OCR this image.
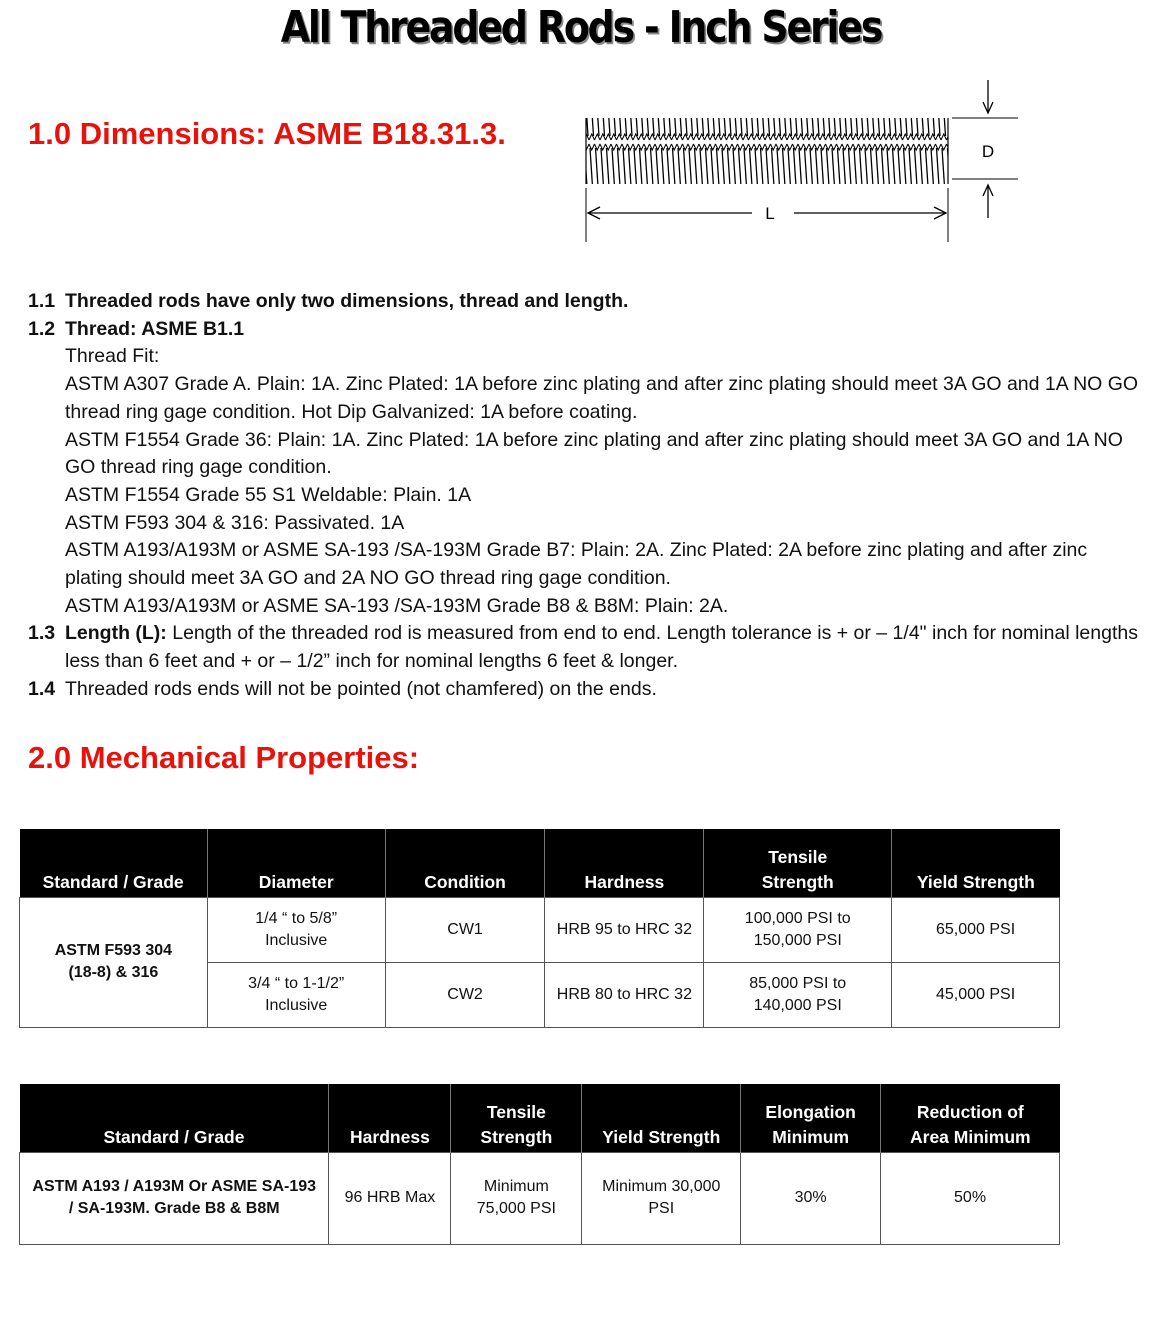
All Threaded Rods - Inch Series
1.0 Dimensions: ASME B18.31.3.
D
L
1.1 Threaded rods have only two dimensions, thread and length.
1.2 Thread: ASME B1.1
Thread Fit:
ASTM A307 Grade A. Plain: 1A. Zinc Plated: 1A before zinc plating and after zinc plating should meet 3A GO and 1A NO GO thread ring gage condition. Hot Dip Galvanized: 1A before coating.
ASTM F1554 Grade 36: Plain: 1A. Zinc Plated: 1A before zinc plating and after zinc plating should meet 3A GO and 1A NO GO thread ring gage condition.
ASTM F1554 Grade 55 S1 Weldable: Plain. 1A
ASTM F593 304 & 316: Passivated. 1A
ASTM A193/A193M or ASME SA-193 /SA-193M Grade B7: Plain: 2A. Zinc Plated: 2A before zinc plating and after zinc plating should meet 3A GO and 2A NO GO thread ring gage condition.
ASTM A193/A193M or ASME SA-193 /SA-193M Grade B8 & B8M: Plain: 2A.
1.3 Length (L): Length of the threaded rod is measured from end to end. Length tolerance is + or – 1/4" inch for nominal lengths less than 6 feet and + or – 1/2” inch for nominal lengths 6 feet & longer.
1.4 Threaded rods ends will not be pointed (not chamfered) on the ends.
2.0 Mechanical Properties:
Standard / Grade	Diameter	Condition	Hardness	Tensile Strength	Yield Strength
ASTM F593 304 (18-8) & 316	1/4 “ to 5/8” Inclusive	CW1	HRB 95 to HRC 32	100,000 PSI to 150,000 PSI	65,000 PSI
	3/4 “ to 1-1/2” Inclusive	CW2	HRB 80 to HRC 32	85,000 PSI to 140,000 PSI	45,000 PSI
Standard / Grade	Hardness	Tensile Strength	Yield Strength	Elongation Minimum	Reduction of Area Minimum
ASTM A193 / A193M Or ASME SA-193 / SA-193M. Grade B8 & B8M	96 HRB Max	Minimum 75,000 PSI	Minimum 30,000 PSI	30%	50%
